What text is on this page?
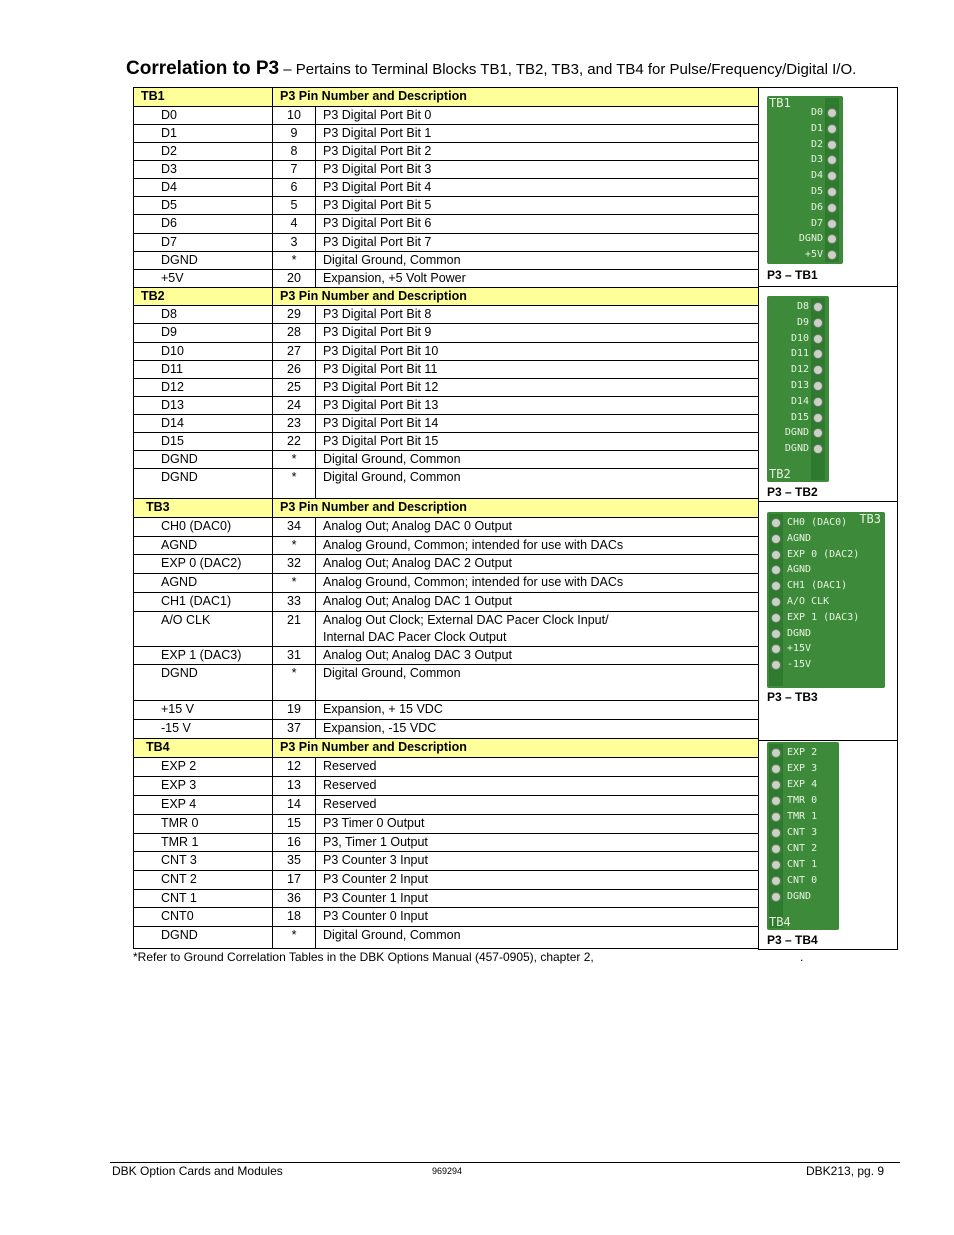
Correlation to P3 – Pertains to Terminal Blocks TB1, TB2, TB3, and TB4 for Pulse/Frequency/Digital I/O.
TB1	P3 Pin Number and Description	
D0	10	P3 Digital Port Bit 0
D1	9	P3 Digital Port Bit 1
D2	8	P3 Digital Port Bit 2
D3	7	P3 Digital Port Bit 3
D4	6	P3 Digital Port Bit 4
D5	5	P3 Digital Port Bit 5
D6	4	P3 Digital Port Bit 6
D7	3	P3 Digital Port Bit 7
DGND	*	Digital Ground, Common
+5V	20	Expansion, +5 Volt Power
TB2	P3 Pin Number and Description	
D8	29	P3 Digital Port Bit 8
D9	28	P3 Digital Port Bit 9
D10	27	P3 Digital Port Bit 10
D11	26	P3 Digital Port Bit 11
D12	25	P3 Digital Port Bit 12
D13	24	P3 Digital Port Bit 13
D14	23	P3 Digital Port Bit 14
D15	22	P3 Digital Port Bit 15
DGND	*	Digital Ground, Common
DGND	*	Digital Ground, Common
TB3	P3 Pin Number and Description	
CH0 (DAC0)	34	Analog Out; Analog DAC 0 Output
AGND	*	Analog Ground, Common; intended for use with DACs
EXP 0 (DAC2)	32	Analog Out; Analog DAC 2 Output
AGND	*	Analog Ground, Common; intended for use with DACs
CH1 (DAC1)	33	Analog Out; Analog DAC 1 Output
A/O CLK	21	Analog Out Clock; External DAC Pacer Clock Input/
Internal DAC Pacer Clock Output
EXP 1 (DAC3)	31	Analog Out; Analog DAC 3 Output
DGND	*	Digital Ground, Common
+15 V	19	Expansion, + 15 VDC
-15 V	37	Expansion, -15 VDC
TB4	P3 Pin Number and Description	
EXP 2	12	Reserved
EXP 3	13	Reserved
EXP 4	14	Reserved
TMR 0	15	P3 Timer 0 Output
TMR 1	16	P3, Timer 1 Output
CNT 3	35	P3 Counter 3 Input
CNT 2	17	P3 Counter 2 Input
CNT 1	36	P3 Counter 1 Input
CNT0	18	P3 Counter 0 Input
DGND	*	Digital Ground, Common
D0
D1
D2
D3
D4
D5
D6
D7
DGND
+5V
TB1
P3 – TB1
D8
D9
D10
D11
D12
D13
D14
D15
DGND
DGND
TB2
P3 – TB2
CH0 (DAC0)
AGND
EXP 0 (DAC2)
AGND
CH1 (DAC1)
A/O CLK
EXP 1 (DAC3)
DGND
+15V
-15V
TB3
P3 – TB3
EXP 2
EXP 3
EXP 4
TMR 0
TMR 1
CNT 3
CNT 2
CNT 1
CNT 0
DGND
TB4
P3 – TB4
*Refer to Ground Correlation Tables in the DBK Options Manual (457-0905), chapter 2,	.
DBK Option Cards and Modules	969294	DBK213, pg. 9
